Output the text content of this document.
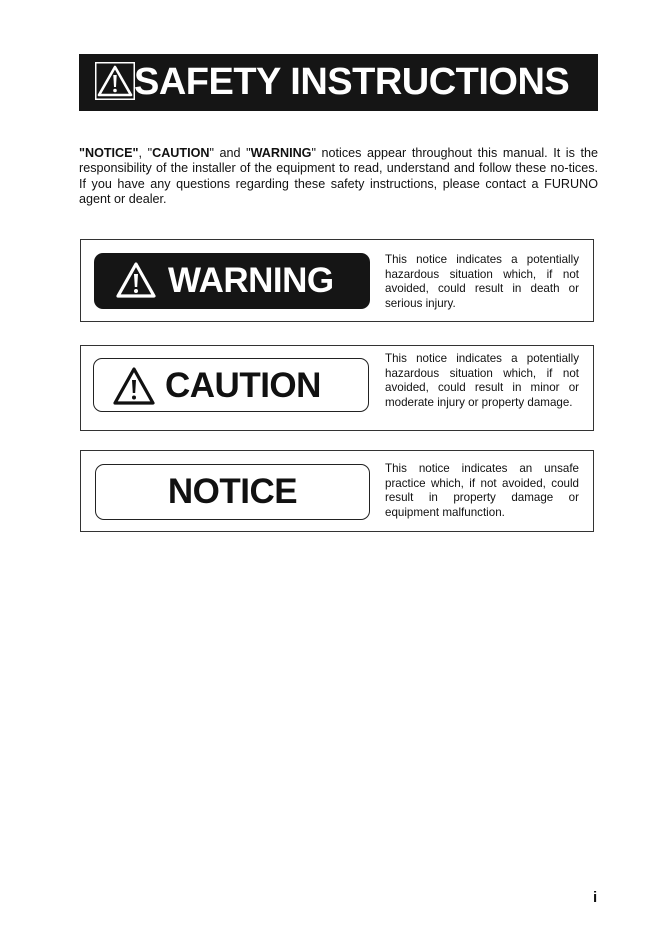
SAFETY INSTRUCTIONS

"NOTICE", "CAUTION" and "WARNING" notices appear throughout this manual. It is the responsibility of the installer of the equipment to read, understand and follow these no-tices. If you have any questions regarding these safety instructions, please contact a FURUNO agent or dealer.

WARNING

This notice indicates a potentially hazardous situation which, if not avoided, could result in death or serious injury.

CAUTION

This notice indicates a potentially hazardous situation which, if not avoided, could result in minor or moderate injury or property damage.

NOTICE

This notice indicates an unsafe practice which, if not avoided, could result in property damage or equipment malfunction.

i
